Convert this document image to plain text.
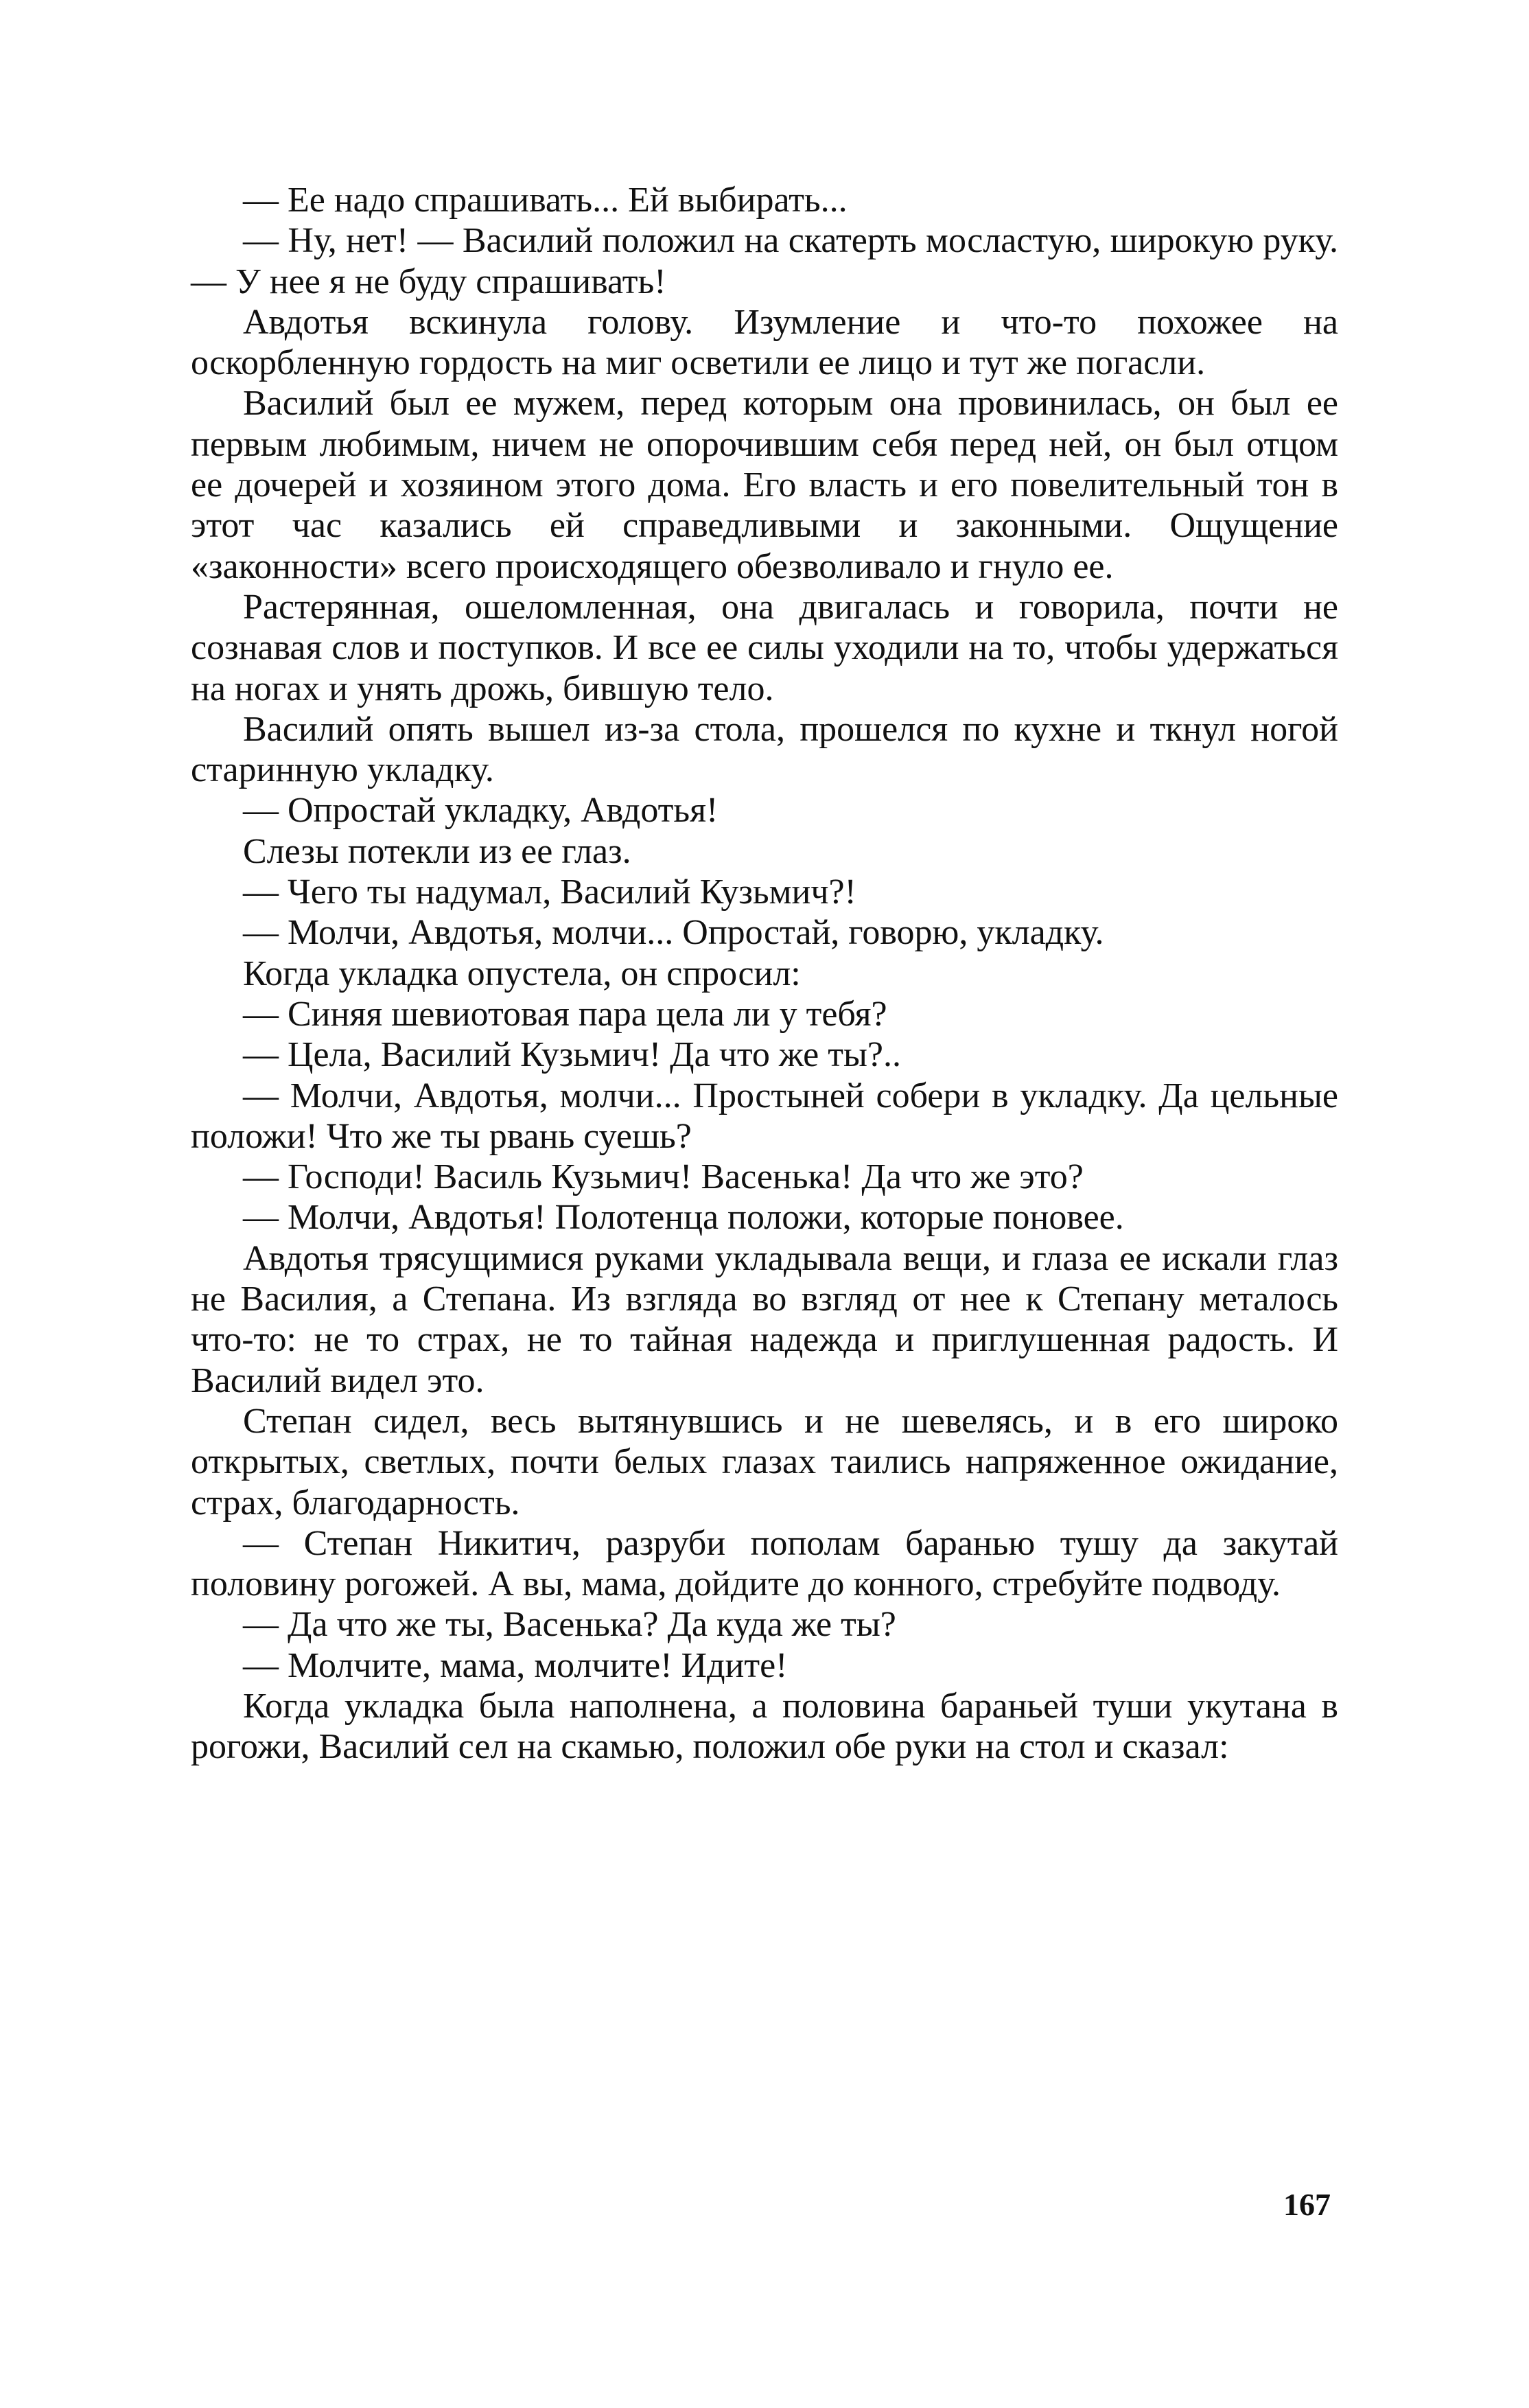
— Ее надо спрашивать... Ей выбирать...

— Ну, нет! — Василий положил на скатерть мосластую, широкую руку. — У нее я не буду спрашивать!

Авдотья вскинула голову. Изумление и что-то похожее на оскорбленную гордость на миг осветили ее лицо и тут же погасли.

Василий был ее мужем, перед которым она провинилась, он был ее первым любимым, ничем не опорочившим себя перед ней, он был отцом ее дочерей и хозяином этого дома. Его власть и его повелительный тон в этот час казались ей справедливыми и законными. Ощущение «законности» всего происходящего обезволивало и гнуло ее.

Растерянная, ошеломленная, она двигалась и говорила, почти не сознавая слов и поступков. И все ее силы уходили на то, чтобы удержаться на ногах и унять дрожь, бившую тело.

Василий опять вышел из-за стола, прошелся по кухне и ткнул ногой старинную укладку.

— Опростай укладку, Авдотья!

Слезы потекли из ее глаз.

— Чего ты надумал, Василий Кузьмич?!

— Молчи, Авдотья, молчи... Опростай, говорю, укладку.

Когда укладка опустела, он спросил:

— Синяя шевиотовая пара цела ли у тебя?

— Цела, Василий Кузьмич! Да что же ты?..

— Молчи, Авдотья, молчи... Простыней собери в укладку. Да цельные положи! Что же ты рвань суешь?

— Господи! Василь Кузьмич! Васенька! Да что же это?

— Молчи, Авдотья! Полотенца положи, которые поновее.

Авдотья трясущимися руками укладывала вещи, и глаза ее искали глаз не Василия, а Степана. Из взгляда во взгляд от нее к Степану металось что-то: не то страх, не то тайная надежда и приглушенная радость. И Василий видел это.

Степан сидел, весь вытянувшись и не шевелясь, и в его широко открытых, светлых, почти белых глазах таились напряженное ожидание, страх, благодарность.

— Степан Никитич, разруби пополам баранью тушу да закутай половину рогожей. А вы, мама, дойдите до конного, стребуйте подводу.

— Да что же ты, Васенька? Да куда же ты?

— Молчите, мама, молчите! Идите!

Когда укладка была наполнена, а половина бараньей туши укутана в рогожи, Василий сел на скамью, положил обе руки на стол и сказал:

167
